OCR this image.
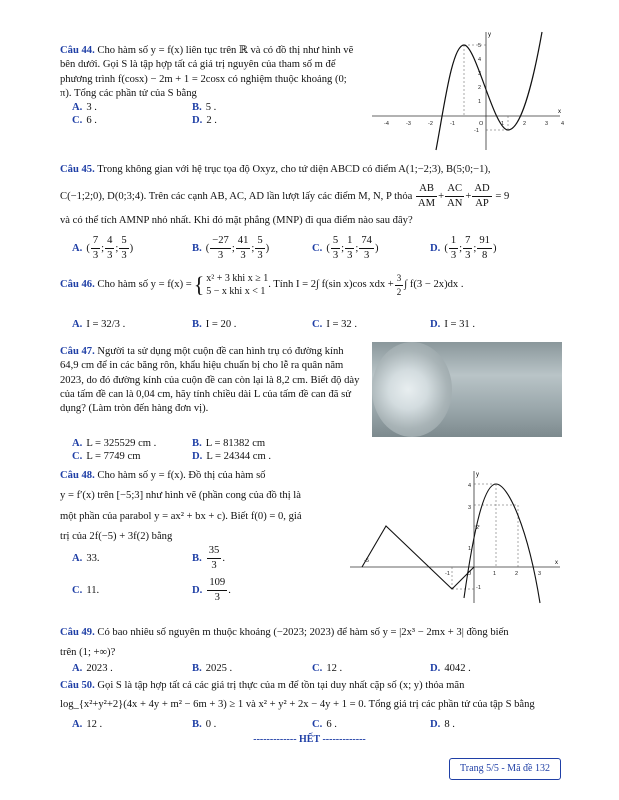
Câu 44. Cho hàm số y = f(x) liên tục trên ℝ và có đồ thị như hình vẽ bên dưới. Gọi S là tập hợp tất cả giá trị nguyên của tham số m để phương trình f(cosx) − 2m + 1 = 2cosx có nghiệm thuộc khoảng (0; π). Tổng các phần tử của S bằng
A. 3 .	B. 5 .
C. 6 .	D. 2 .
x
y
-4	-3	-2	-1	O	1	2	3 4
5
4
3
2
1
-1
Câu 45. Trong không gian với hệ trục tọa độ Oxyz, cho tứ diện ABCD có điểm A(1;−2;3), B(5;0;−1),
C(−1;2;0), D(0;3;4). Trên các cạnh AB, AC, AD lần lượt lấy các điểm M, N, P thỏa $\frac{AB}{AM} + \frac{AC}{AN} + \frac{AD}{AP} = 9$
và có thể tích AMNP nhỏ nhất. Khi đó mặt phẳng (MNP) đi qua điểm nào sau đây?
A. ( $\frac{7}{3}$ ; $\frac{4}{3}$ ; $\frac{5}{3}$ )	B. ( $\frac{-27}{3}$ ; $\frac{41}{3}$ ; $\frac{5}{3}$ )	C. ( $\frac{5}{3}$ ; $\frac{1}{3}$ ; $\frac{74}{3}$ )	D. ( $\frac{1}{3}$ ; $\frac{7}{3}$ ; $\frac{91}{8}$ )
Câu 46.
Cho hàm số y = f(x) = { x² + 3 khi x ≥ 1
5 − x khi x < 1
. Tính I = 2∫ f(sin x)cos xdx + $\frac{3}{2}$ ∫ f(3 − 2x)dx .
A. I = 32/3 .	B. I = 20 .	C. I = 32 .	D. I = 31 .
Câu 47. Người ta sử dụng một cuộn đề can hình trụ có đường kính 64,9 cm để in các băng rôn, khẩu hiệu chuẩn bị cho lễ ra quân năm 2023, do đó đường kính của cuộn đề can còn lại là 8,2 cm. Biết độ dày của tấm đề can là 0,04 cm, hãy tính chiều dài L của tấm đề can đã sử dụng? (Làm tròn đến hàng đơn vị).
A. L = 325529 cm .	B. L = 81382 cm
C. L = 7749 cm	D. L = 24344 cm .
Câu 48. Cho hàm số y = f(x). Đồ thị của hàm số
y = f′(x) trên [−5;3] như hình vẽ (phần cong của đồ thị là
một phần của parabol y = ax² + bx + c). Biết f(0) = 0, giá
trị của 2f(−5) + 3f(2) bằng
A. 33.	B. $\frac{35}{3}$ .
C. 11.	D. $\frac{109}{3}$ .
x
y
-5
-1	O	1	2	3
4
3
2
1
-1
Câu 49. Có bao nhiêu số nguyên m thuộc khoảng (−2023; 2023) để hàm số y = |2x³ − 2mx + 3| đồng biến
trên (1; +∞)?
A. 2023 .	B. 2025 .	C. 12 .	D. 4042 .
Câu 50. Gọi S là tập hợp tất cả các giá trị thực của m để tồn tại duy nhất cặp số (x; y) thỏa mãn
log_{x²+y²+2}(4x + 4y + m² − 6m + 3) ≥ 1 và x² + y² + 2x − 4y + 1 = 0. Tổng giá trị các phần tử của tập S bằng
A. 12 .	B. 0 .	C. 6 .	D. 8 .
------------- HẾT -------------
Trang 5/5 - Mã đề 132
